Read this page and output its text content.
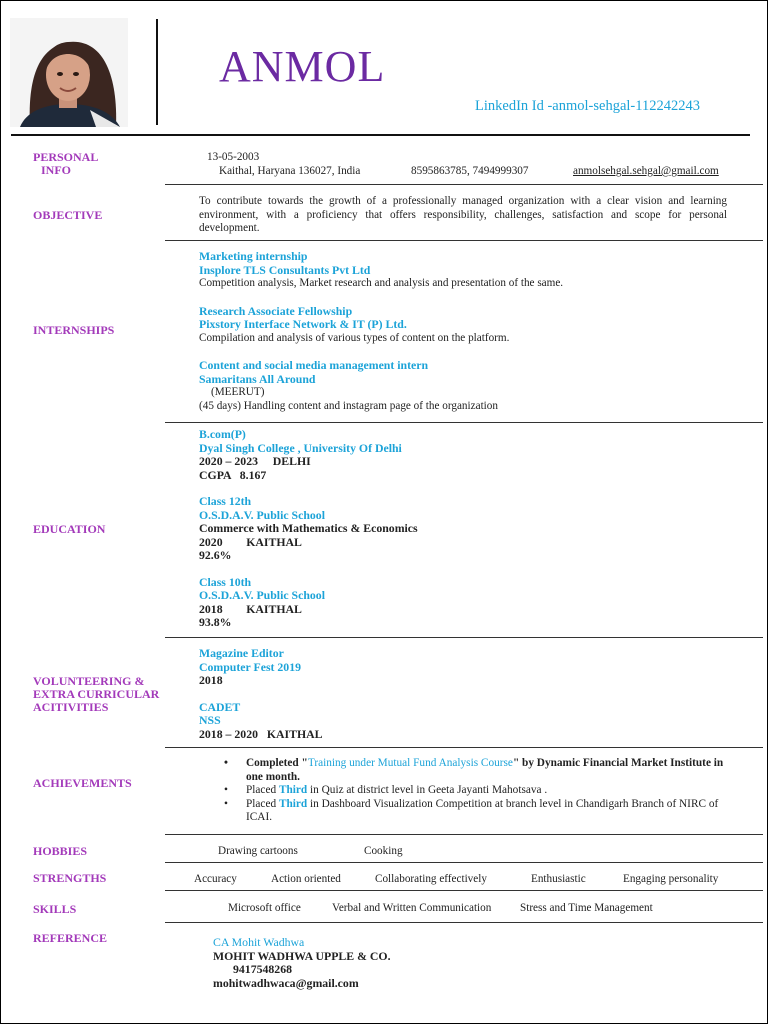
ANMOL
LinkedIn Id -anmol-sehgal-112242243
PERSONAL
INFO
13-05-2003
Kaithal, Haryana 136027, India	8595863785, 7494999307	anmolsehgal.sehgal@gmail.com
OBJECTIVE
To contribute towards the growth of a professionally managed organization with a clear vision and learning environment, with a proficiency that offers responsibility, challenges, satisfaction and scope for personal development.
INTERNSHIPS
Marketing internship
Insplore TLS Consultants Pvt Ltd
Competition analysis, Market research and analysis and presentation of the same.
Research Associate Fellowship
Pixstory Interface Network & IT (P) Ltd.
Compilation and analysis of various types of content on the platform.
Content and social media management intern
Samaritans All Around
(MEERUT)
(45 days) Handling content and instagram page of the organization
EDUCATION
B.com(P)
Dyal Singh College , University Of Delhi
2020 – 2023     DELHI
CGPA   8.167
Class 12th
O.S.D.A.V. Public School
Commerce with Mathematics & Economics
2020        KAITHAL
92.6%
Class 10th
O.S.D.A.V. Public School
2018        KAITHAL
93.8%
VOLUNTEERING &
EXTRA CURRICULAR
ACITIVITIES
Magazine Editor
Computer Fest 2019
2018
CADET
NSS
2018 – 2020   KAITHAL
ACHIEVEMENTS
• Completed "Training under Mutual Fund Analysis Course" by Dynamic Financial Market Institute in one month.
• Placed Third in Quiz at district level in Geeta Jayanti Mahotsava .
• Placed Third in Dashboard Visualization Competition at branch level in Chandigarh Branch of NIRC of ICAI.
HOBBIES	Drawing cartoons	Cooking
STRENGTHS	Accuracy	Action oriented	Collaborating effectively	Enthusiastic	Engaging personality
SKILLS	Microsoft office	Verbal and Written Communication	Stress and Time Management
REFERENCE	CA Mohit Wadhwa
MOHIT WADHWA UPPLE & CO.
9417548268
mohitwadhwaca@gmail.com
